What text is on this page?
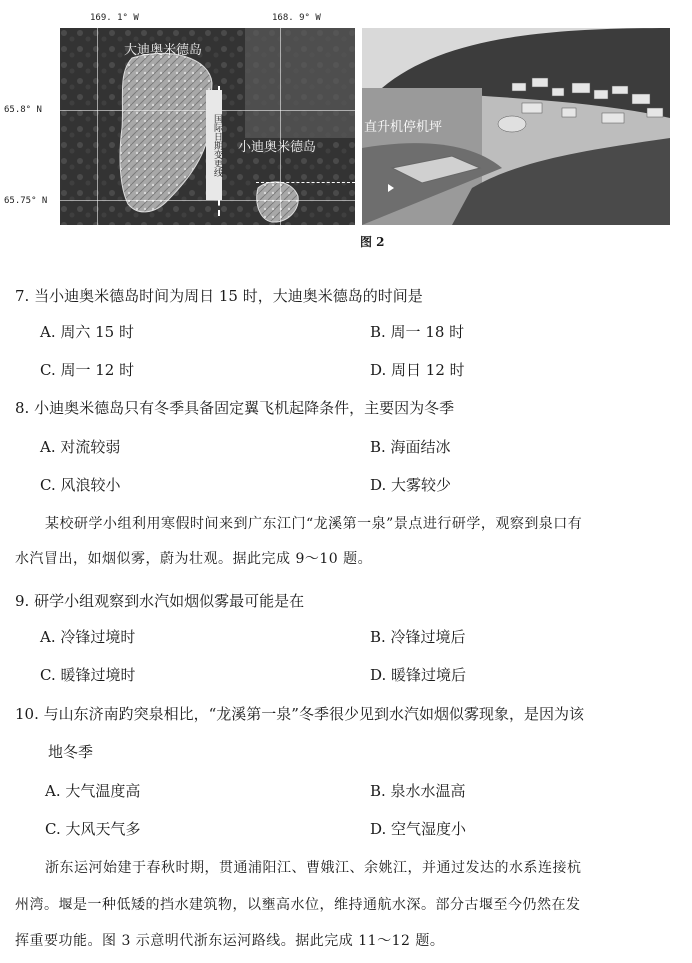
169. 1° W	168. 9° W
65.8° N
65.75° N
国际日期变更线
大迪奥米德岛
小迪奥米德岛
直升机停机坪
图 2
7. 当小迪奥米德岛时间为周日 15 时，大迪奥米德岛的时间是
A. 周六 15 时	B. 周一 18 时
C. 周一 12 时	D. 周日 12 时
8. 小迪奥米德岛只有冬季具备固定翼飞机起降条件，主要因为冬季
A. 对流较弱	B. 海面结冰
C. 风浪较小	D. 大雾较少
某校研学小组利用寒假时间来到广东江门“龙溪第一泉”景点进行研学，观察到泉口有
水汽冒出，如烟似雾，蔚为壮观。据此完成 9～10 题。
9. 研学小组观察到水汽如烟似雾最可能是在
A. 冷锋过境时	B. 冷锋过境后
C. 暖锋过境时	D. 暖锋过境后
10. 与山东济南趵突泉相比，“龙溪第一泉”冬季很少见到水汽如烟似雾现象，是因为该
地冬季
A. 大气温度高	B. 泉水水温高
C. 大风天气多	D. 空气湿度小
浙东运河始建于春秋时期，贯通浦阳江、曹娥江、余姚江，并通过发达的水系连接杭
州湾。堰是一种低矮的挡水建筑物，以壅高水位，维持通航水深。部分古堰至今仍然在发
挥重要功能。图 3 示意明代浙东运河路线。据此完成 11～12 题。
